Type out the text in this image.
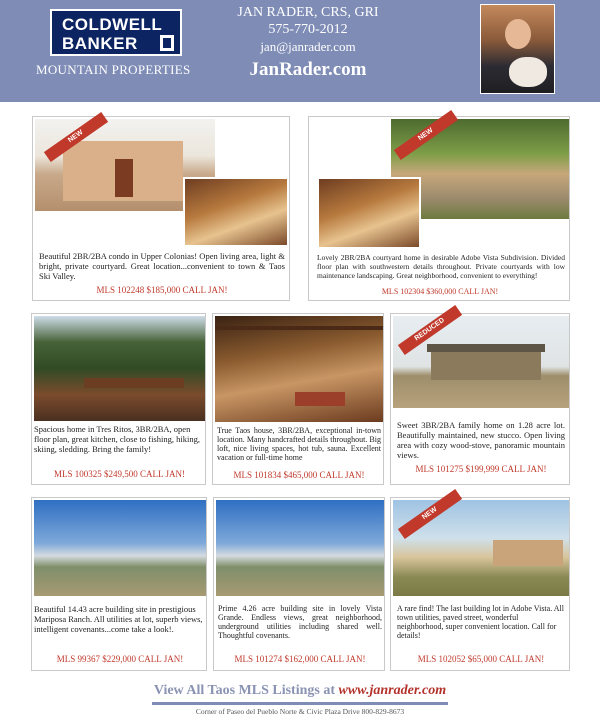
COLDWELL
BANKER
MOUNTAIN PROPERTIES
JAN RADER, CRS, GRI
575-770-2012
jan@janrader.com
JanRader.com
NEW
Beautiful 2BR/2BA condo in Upper Colonias! Open living area, light & bright, private courtyard. Great location...convenient to town & Taos Ski Valley.
MLS 102248 $185,000 CALL JAN!
NEW
Lovely 2BR/2BA courtyard home in desirable Adobe Vista Subdivision. Divided floor plan with southwestern details throughout. Private courtyards with low maintenance landscaping. Great neighborhood, convenient to everything!
MLS 102304 $360,000 CALL JAN!
Spacious home in Tres Ritos, 3BR/2BA, open floor plan, great kitchen, close to fishing, hiking, skiing, sledding. Bring the family!
MLS 100325 $249,500 CALL JAN!
True Taos house, 3BR/2BA, exceptional in-town location. Many handcrafted details throughout. Big loft, nice living spaces, hot tub, sauna. Excellent vacation or full-time home
MLS 101834 $465,000 CALL JAN!
REDUCED
Sweet 3BR/2BA family home on 1.28 acre lot. Beautifully maintained, new stucco. Open living area with cozy wood-stove, panoramic mountain views.
MLS 101275 $199,999 CALL JAN!
Beautiful 14.43 acre building site in prestigious Mariposa Ranch. All utilities at lot, superb views, intelligent covenants...come take a look!.
MLS 99367 $229,000 CALL JAN!
Prime 4.26 acre building site in lovely Vista Grande. Endless views, great neighborhood, underground utilities including shared well. Thoughtful covenants.
MLS 101274 $162,000 CALL JAN!
NEW
A rare find! The last building lot in Adobe Vista. All town utilities, paved street, wonderful neighborhood, super convenient location. Call for details!
MLS 102052 $65,000 CALL JAN!
View All Taos MLS Listings at www.janrader.com
Corner of Paseo del Pueblo Norte & Civic Plaza Drive 800-829-8673
